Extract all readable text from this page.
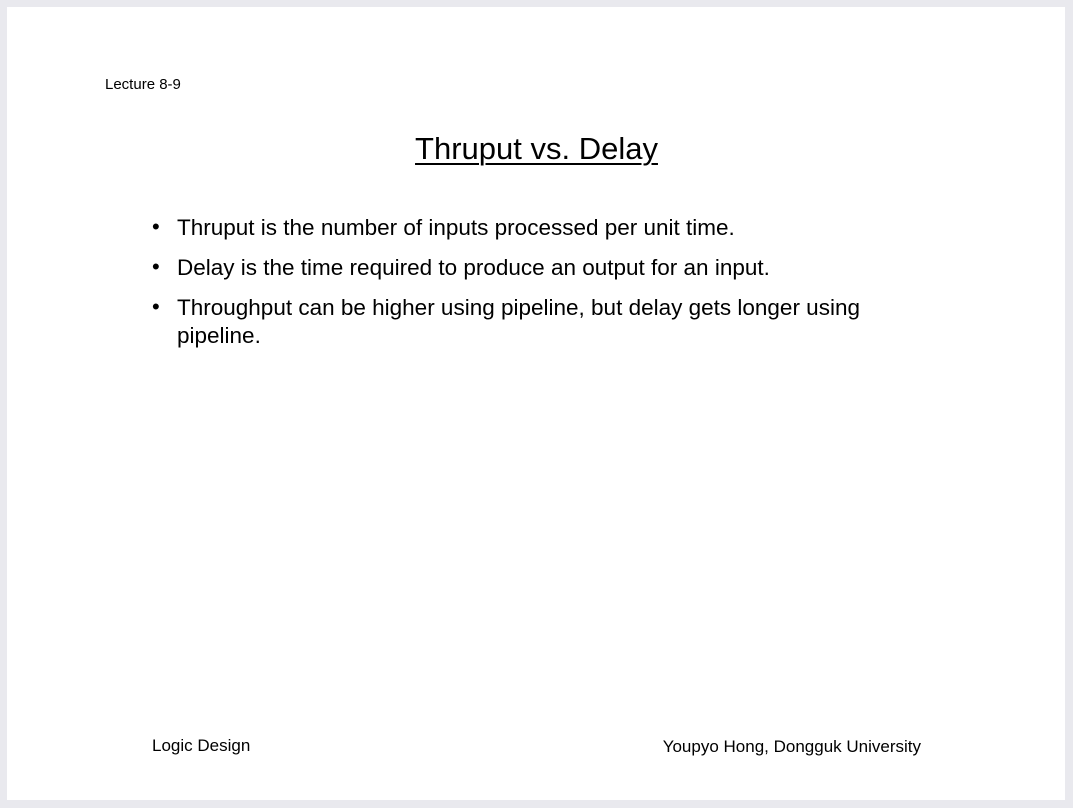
Lecture 8-9
Thruput vs. Delay
• Thruput is the number of inputs processed per unit time.
• Delay is the time required to produce an output for an input.
• Throughput can be higher using pipeline, but delay gets longer using pipeline.
Logic Design	Youpyo Hong, Dongguk University
